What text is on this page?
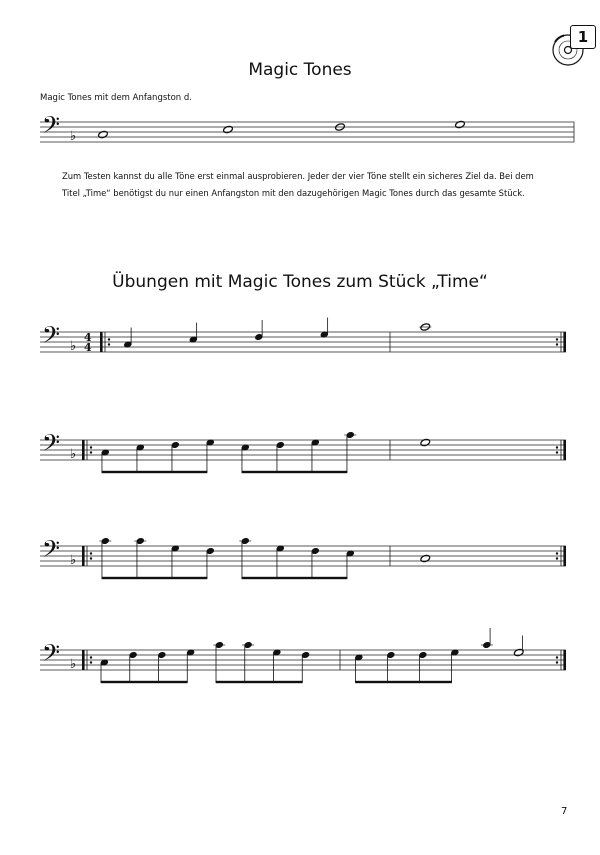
1
Magic Tones
Magic Tones mit dem Anfangston d.
𝄢 ♭
Zum Testen kannst du alle Töne erst einmal ausprobieren. Jeder der vier Töne stellt ein sicheres Ziel da. Bei dem
Titel „Time“ benötigst du nur einen Anfangston mit den dazugehörigen Magic Tones durch das gesamte Stück.
Übungen mit Magic Tones zum Stück „Time“
𝄢 ♭
4
4
𝄢 ♭
𝄢 ♭
𝄢 ♭
7
